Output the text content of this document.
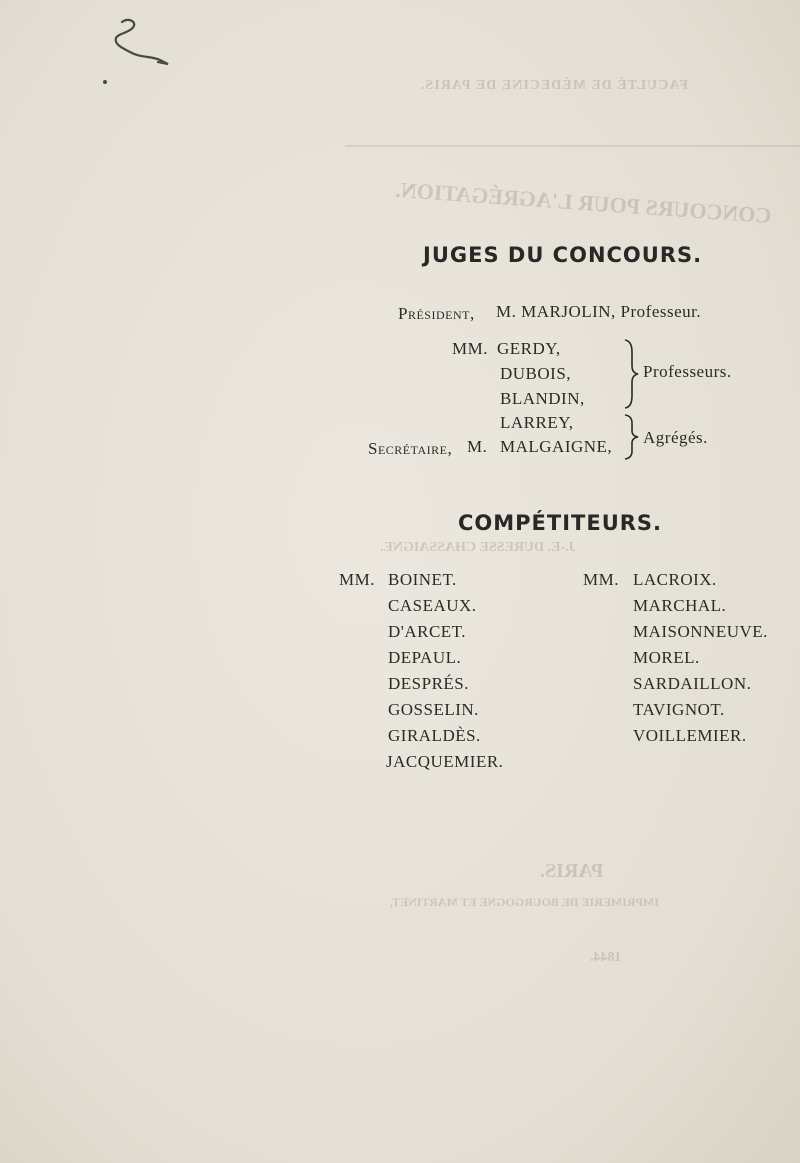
FACULTÉ DE MÉDECINE DE PARIS.
CONCOURS POUR L'AGRÉGATION.
J.-E. DURESSE CHASSAIGNE.
PARIS.
IMPRIMERIE DE BOURGOGNE ET MARTINET,
1844.
JUGES DU CONCOURS.
Président, M. MARJOLIN, Professeur.
MM. GERDY,
DUBOIS,
BLANDIN,
Professeurs.
LARREY,
Secrétaire, M. MALGAIGNE, Agrégés.
COMPÉTITEURS.
MM. BOINET.
CASEAUX.
D'ARCET.
DEPAUL.
DESPRÉS.
GOSSELIN.
GIRALDÈS.
JACQUEMIER.
MM. LACROIX.
MARCHAL.
MAISONNEUVE.
MOREL.
SARDAILLON.
TAVIGNOT.
VOILLEMIER.
